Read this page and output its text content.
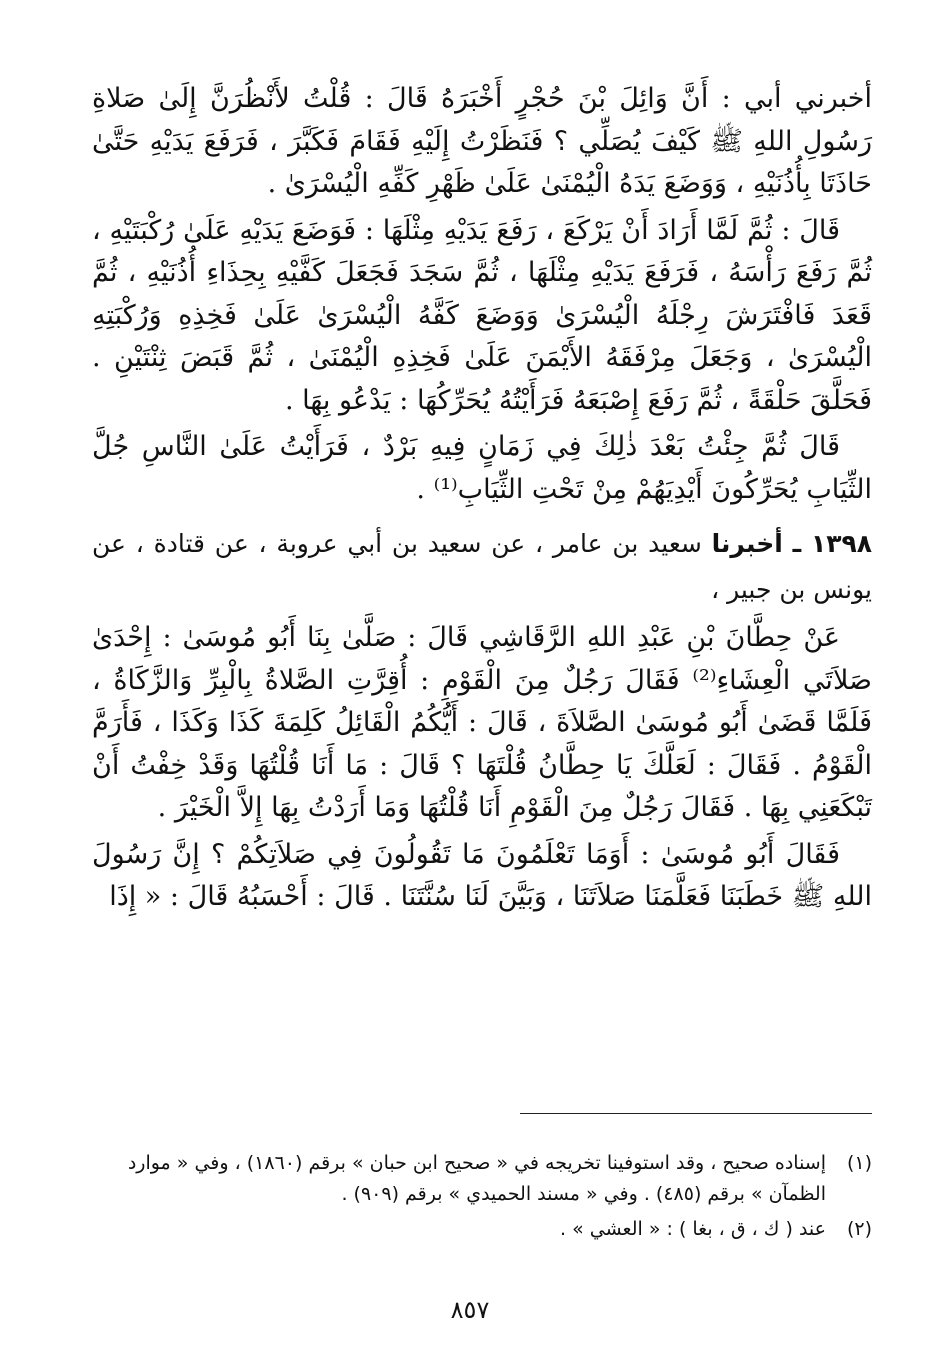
أخبرني أبي : أَنَّ وَائِلَ بْنَ حُجْرٍ أَخْبَرَهُ قَالَ : قُلْتُ لأَنْظُرَنَّ إِلَىٰ صَلاةِ رَسُولِ اللهِ ﷺ كَيْفَ يُصَلِّي ؟ فَنَظَرْتُ إِلَيْهِ فَقَامَ فَكَبَّرَ ، فَرَفَعَ يَدَيْهِ حَتَّىٰ حَاذَتَا بِأُذُنَيْهِ ، وَوَضَعَ يَدَهُ الْيُمْنَىٰ عَلَىٰ ظَهْرِ كَفِّهِ الْيُسْرَىٰ .

قَالَ : ثُمَّ لَمَّا أَرَادَ أَنْ يَرْكَعَ ، رَفَعَ يَدَيْهِ مِثْلَهَا : فَوَضَعَ يَدَيْهِ عَلَىٰ رُكْبَتَيْهِ ، ثُمَّ رَفَعَ رَأْسَهُ ، فَرَفَعَ يَدَيْهِ مِثْلَهَا ، ثُمَّ سَجَدَ فَجَعَلَ كَفَّيْهِ بِحِذَاءِ أُذُنَيْهِ ، ثُمَّ قَعَدَ فَافْتَرَشَ رِجْلَهُ الْيُسْرَىٰ وَوَضَعَ كَفَّهُ الْيُسْرَىٰ عَلَىٰ فَخِذِهِ وَرُكْبَتِهِ الْيُسْرَىٰ ، وَجَعَلَ مِرْفَقَهُ الأَيْمَنَ عَلَىٰ فَخِذِهِ الْيُمْنَىٰ ، ثُمَّ قَبَضَ ثِنْتَيْنِ . فَحَلَّقَ حَلْقَةً ، ثُمَّ رَفَعَ إِصْبَعَهُ فَرَأَيْتُهُ يُحَرِّكُهَا : يَدْعُو بِهَا .

قَالَ ثُمَّ جِئْتُ بَعْدَ ذٰلِكَ فِي زَمَانٍ فِيهِ بَرْدٌ ، فَرَأَيْتُ عَلَىٰ النَّاسِ جُلَّ الثِّيَابِ يُحَرِّكُونَ أَيْدِيَهُمْ مِنْ تَحْتِ الثِّيَابِ⁽¹⁾ .

١٣٩٨ ـ أخبرنا سعيد بن عامر ، عن سعيد بن أبي عروبة ، عن قتادة ، عن يونس بن جبير ،

عَنْ حِطَّانَ بْنِ عَبْدِ اللهِ الرَّقَاشِي قَالَ : صَلَّىٰ بِنَا أَبُو مُوسَىٰ : إِحْدَىٰ صَلاَتَي الْعِشَاءِ⁽²⁾ فَقَالَ رَجُلٌ مِنَ الْقَوْمِ : أُقِرَّتِ الصَّلاةُ بِالْبِرِّ وَالزَّكَاةُ ، فَلَمَّا قَضَىٰ أَبُو مُوسَىٰ الصَّلاَةَ ، قَالَ : أَيُّكُمُ الْقَائِلُ كَلِمَةَ كَذَا وَكَذَا ، فَأَرَمَّ الْقَوْمُ . فَقَالَ : لَعَلَّكَ يَا حِطَّانُ قُلْتَهَا ؟ قَالَ : مَا أَنَا قُلْتُهَا وَقَدْ خِفْتُ أَنْ تَبْكَعَنِي بِهَا . فَقَالَ رَجُلٌ مِنَ الْقَوْمِ أَنَا قُلْتُهَا وَمَا أَرَدْتُ بِهَا إِلاَّ الْخَيْرَ .

فَقَالَ أَبُو مُوسَىٰ : أَوَمَا تَعْلَمُونَ مَا تَقُولُونَ فِي صَلاَتِكُمْ ؟ إِنَّ رَسُولَ اللهِ ﷺ خَطَبَنَا فَعَلَّمَنَا صَلاَتَنَا ، وَبَيَّنَ لَنَا سُنَّتَنَا . قَالَ : أَحْسَبُهُ قَالَ : « إِذَا

(١)
إسناده صحيح ، وقد استوفينا تخريجه في « صحيح ابن حبان » برقم (١٨٦٠) ، وفي « موارد الظمآن » برقم (٤٨٥) . وفي « مسند الحميدي » برقم (٩٠٩) .
(٢)
عند ( ك ، ق ، بغا ) : « العشي » .
٨٥٧
